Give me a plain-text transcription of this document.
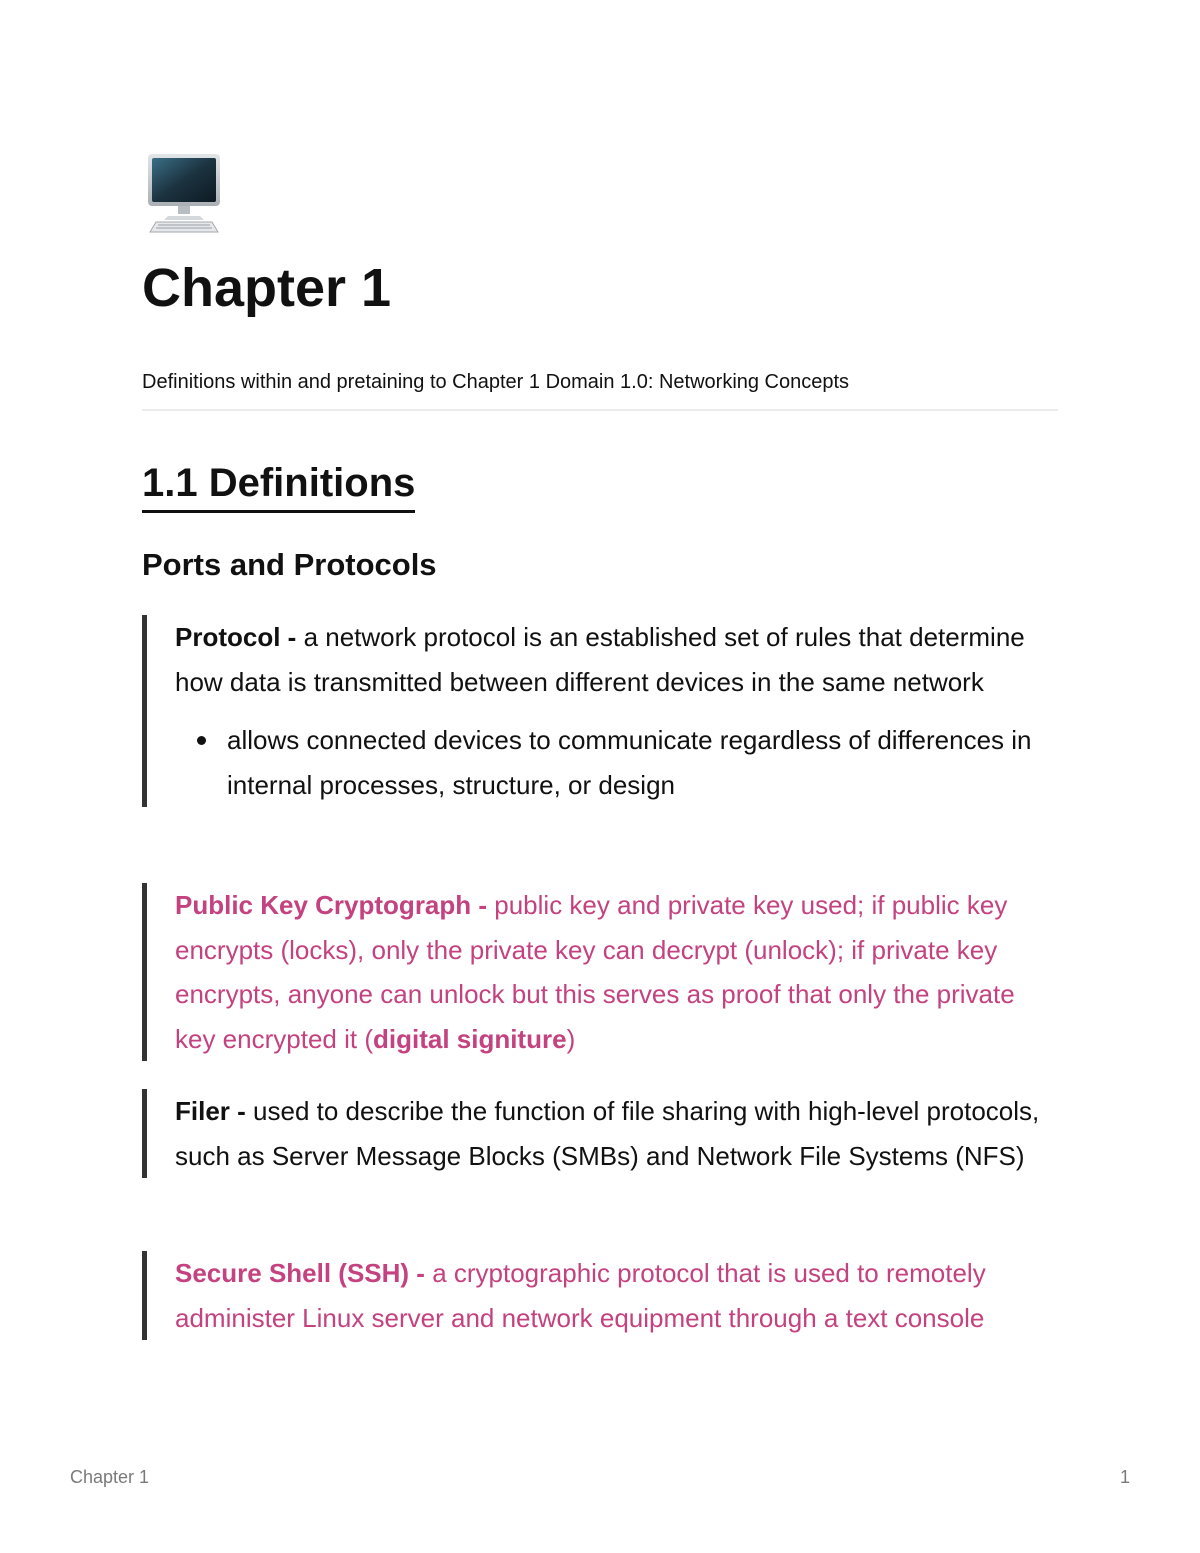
Chapter 1

Definitions within and pretaining to Chapter 1 Domain 1.0: Networking Concepts

1.1 Definitions
Ports and Protocols

Protocol - a network protocol is an established set of rules that determine how data is transmitted between different devices in the same network

allows connected devices to communicate regardless of differences in internal processes, structure, or design

Public Key Cryptograph - public key and private key used; if public key encrypts (locks), only the private key can decrypt (unlock); if private key encrypts, anyone can unlock but this serves as proof that only the private key encrypted it (digital signiture)

Filer - used to describe the function of file sharing with high-level protocols, such as Server Message Blocks (SMBs) and Network File Systems (NFS)

Secure Shell (SSH) - a cryptographic protocol that is used to remotely administer Linux server and network equipment through a text console

Chapter 1	1
